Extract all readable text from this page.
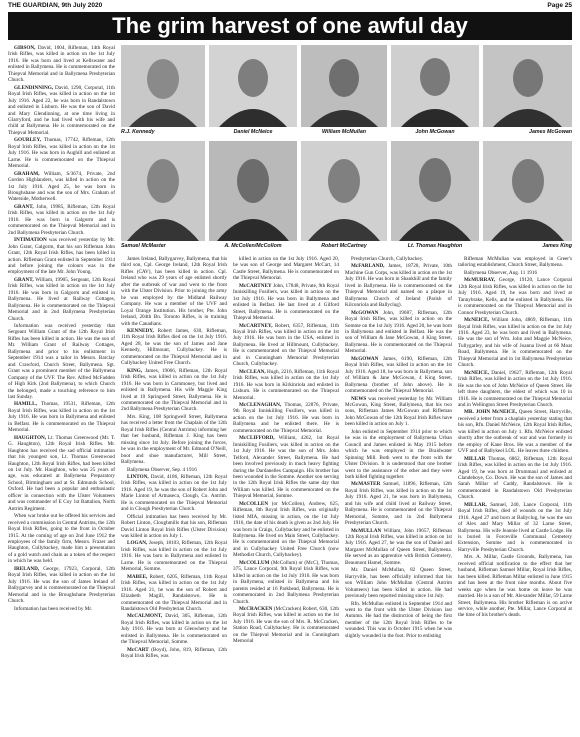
THE GUARDIAN, 9th July 2020	Page 25
The grim harvest of one awful day

GIBSON, David, 1004, Rifleman, 14th Royal Irish Rifles, was killed in action on the 1st July 1916. He was born and lived at Kellswater and enlisted in Ballymena. He is commemorated on the Thiepval Memorial and in Ballymena Presbyterian Church.

GLENDINNING, David, 1290, Corporal, 11th Royal Irish Rifles, was killed in action on the 1st July 1916. Aged 22, he was born in Randalstown and enlisted in Lisburn. He was the son of David and Mary Glendinning, at one time living in Glarryford, and he had lived with his wife and child at Ballymena. He is commemorated on the Thiepval Memorial.

GOURLEY, Thomas, 17742, Rifleman, 12th Royal Irish Rifles, was killed in action on the 1st July 1916. He was born in Aughill and enlisted at Larne. He is commemorated on the Thiepval Memorial.

GRAHAM, William, S/3674, Private, 2nd Gordon Highlanders, was killed in action on the 1st July 1916. Aged 25, he was born in Broughshane and was the son of Mrs. Graham of Waterside, Motherwell.

GRANT, John, 19985, Rifleman, 12th Royal Irish Rifles, was killed in action on the 1st July 1916. He was born in Galgorm and is commemorated on the Thiepval Memorial and in 2nd Ballymena Presbyterian Church.

INTIMATION was received yesterday by Mr. John Grant, Galgorm, that his son Rifleman John Grant, 12th Royal Irish Rifles, has been killed in action. Rifleman Grant enlisted in September 1914 and before joining the colours was in the employment of the late Mr. John Young.

GRANT, William, 19905, Sergeant, 12th Royal Irish Rifles, was killed in action on the 1st July 1916. He was born in Galgorm and enlisted in Ballymena. He lived at Railway Cottages, Ballymena. He is commemorated on the Thiepval Memorial and in 2nd Ballymena Presbyterian Church.

Information was received yesterday that Sergeant William Grant of the 12th Royal Irish Rifles has been killed in action. He was the son of Mr. William Grant of Railway Cottages, Ballymena and prior to his enlistment in September 1914 was a tailor in Messrs. Barclay and Crawford, Church Street, Ballymena. Sgt. Grant was a prominent member of the Ballymena Company of the UVF. The Rev. Alfred McFadden of High Kirk (2nd Ballymena), to which Church the belonged, made a touching reference to him last Sunday.

HAMILL, Thomas, 19531, Rifleman, 12th Royal Irish Rifles, was killed in action on the 1st July 1916. He was born in Ballymena and enlisted in Belfast. He is commemorated on the Thiepval Memorial.

HAUGHTON, Lt. Thomas Greenwood (Mr. T. G. Haughton), 12th Royal Irish Rifles. Mr. Haughton has received the sad official intimation that his youngest son, Lt. Thomas Greenwood Haughton, 12th Royal Irish Rifles, had been killed on 1st July. Mr. Haughton, who was 25 years of age, was educated at Ballymena Preparatory School, Birmingham and at St. Edmunds School, Oxford. He had been a popular and enthusiastic officer in connection with the Ulster Volunteers and was commander of E Coy 1st Battalion, North Antrim Regiment.

When war broke out he offered his services and received a commission in Central Antrims, the 12th Royal Irish Rifles, going to the front in October 1915. At the coming of age on 2nd June 1912 the employees of the family firm, Messrs. Frazer and Haughton, Cullybackey, made him a presentation of a gold watch and chain as a token of the respect in which he was held.

IRELAND, George, 17923, Corporal, 12th Royal Irish Rifles, was killed in action on the 1st July 1916. He was the son of James Ireland of Ballygarvey and is commemorated on the Thiepval Memorial and in the Broughshane Presbyterian Church.

Information has been received by Mr.

R.J. Kennedy	Daniel McNeice	William McMullan	John McGowan	James McGowan
Samuel McMaster	A. McCollen/McCollom	Robert McCartney	Lt. Thomas Haughton	James King

James Ireland, Ballygarvey, Ballymena, that his third son, Cpl. George Ireland, 12th Royal Irish Rifles (CAV), has been killed in action. Cpl. Ireland who was 29 years of age enlisted shortly after the outbreak of war and went to the front with the Ulster Division. Prior to joining the army he was employed by the Midland Railway Company. He was a member of the UVF and Loyal Orange Institution. His brother, Pte. John Ireland, 204th Bn. Toronto Rifles, is in training with the Canadians.

KENNEDY, Robert James, 630, Rifleman, 11th Royal Irish Rifles died on the 1st July 1916. Aged 28, he was the son of James and Jane Kennedy, Hillmount, Cullybackey. He is commemorated on the Thiepval Memorial and in Cullybackey United Free Church.

KING, James, 19066, Rifleman, 12th Royal Irish Rifles, was killed in action on the 1st July 1916. He was born in Carnmoney, but lived and enlisted in Ballymena. His wife Maggie King lived at 10 Springwell Street, Ballymena. He is commemorated on the Thiepval Memorial and in 2nd Ballymena Presbyterian Church.

Mrs. King, 108 Springwell Street, Ballymena has received a letter from the Chaplain of the 12th Royal Irish Rifles (Central Antrims) informing her that her husband, Rifleman J. King has been missing since 1st July. Before joining the forces, he was in the employment of Mr. Edmond O'Neill, boot and shoe manufacturer, Mill Street, Ballymena.

Ballymena Observer, Sep. 4 1916

LINTON, David, 4186, Rifleman, 12th Royal Irish Rifles, was killed in action on the 1st July 1916. Aged 19, he was the son of Robert John and Marie Linton of Artnaseca, Clough, Co. Antrim. He is commemorated on the Thiepval Memorial and in Clough Presbyterian Church.

Official intimation has been received by Mr. Robert Linton, Cloughmills that his son, Rifleman David Linton Royal Irish Rifles (Ulster Division) was killed in action on July 1.

LOGAN, Joseph, 18103, Rifleman, 12th Royal Irish Rifles, was killed in action on the 1st July 1916. He was born in Ballymena and enlisted in Larne. He is commemorated on the Thiepval Memorial, Somme.

MABEE, Robert, 6205, Rifleman, 11th Royal Irish Rifles, was killed in action on the 1st July 1916. Aged 21, he was the son of Robert and Elizabeth Magill, Randalstown. He is commemorated on the Thiepval Memorial and in Randalstown Old Presbyterian Church.

McCALMONT, David, 305, Rifleman, 12th Royal Irish Rifles, was killed in action on the 1st July 1916. He was born at Glenwherry and he enlisted in Ballymena. He is commemorated on the Thiepval Memorial, Somme.

McCART (Boyd), John, 819, Rifleman, 12th Royal Irish Rifles, was

killed in action on the 1st July 1916. Aged 20, he was son of George and Margaret McCart, 14 Castle Street, Ballymena. He is commemorated on the Thiepval Memorial.

McCARTNEY John, 17848, Private, 9th Royal Inniskilling Fusiliers, was killed in action on the 1st July 1916. He was born in Ballymena and enlisted in Belfast. He last lived at 4 Gilford Street, Ballymena. He is commemorated on the Thiepval Memorial.

McCARTNEY, Robert, 6357, Rifleman, 11th Royal Irish Rifles, was killed in action on the 1st July 1916. He was born in the USA, enlisted in Ballymena. He lived at Hillmount, Cullybackey. He is commemorated on the Thiepval Memorial and in Cunningham Memorial Presbyterian Church, Cullybackey.

McCLEAN, Hugh, 2216, Rifleman, 11th Royal Irish Rifles, was killed in action on the 1st July 1916. He was born in Kirkinriola and enlisted in Lisburn. He is commemorated on the Thiepval Memorial.

McCLENAGHAN, Thomas, 22876, Private, 9th Royal Inniskilling Fusiliers, was killed in action on the 1st July 1916. He was born in Ballymena and he enlisted there. He is commemorated on the Thiepval Memorial.

McCLIFFORD, William, 4262, 1st Royal Inniskilling Fusiliers, was killed in action on the 1st July 1916. He was the son of Mrs. John Telford, Alexander Street, Ballymena. He had been involved previously in much heavy fighting during the Dardanelles Campaign. His brother has been wounded in the Somme. Another son serving in the 12th Royal Irish Rifles the same day that William was killed. He is commemorated on the Thiepval Memorial, Somme.

McCOLLEN (or McCollen), Andrew, 625, Rifleman, 8th Royal Irish Rifles, was originally listed MIA, missing in action, on the 1st July 1916, the date of his death is given as 2nd July. He was born in Craigs, Cullybackey and he enlisted in Ballymena. He lived on Main Street, Cullybackey. He is commemorated on the Thiepval Memorial and in Cullybackey United Free Church (now Methodist Church, Cullybackey).

McCOLLUM (McCollum) or (McC), Thomas, 375, Lance Corporal, 9th Royal Irish Rifles, was killed in action on the 1st July 1916. He was born in Ballymena, enlisted in Ballymena and his parents resided at 16 Parkhead, Ballymena. He is commemorated in 2nd Ballymena Presbyterian Church.

McCRACKEN (McCracken) Robert, 630, 12th Royal Irish Rifles, was killed in action on the 1st July 1916. He was the son of Mrs. R. McCracken, Station Road, Cullybackey. He is commemorated on the Thiepval Memorial and in Cunningham Memorial

Presbyterian Church, Cullybackey.

McFARLAND, James, 18728, Private, 10th Machine Gun Corps, was killed in action on the 1st July 1916. He was born in Shankhill and the family lived in Ballymena. He is commemorated on the Thiepval Memorial and named on a plaque in Ballymena Church of Ireland (Parish of Kilconriola and Ballyclug).

McGOWAN John, 19687, Rifleman, 12th Royal Irish Rifles, was killed in action on the Somme on the 1st July 1916. Aged 20, he was born in Ballymena and enlisted in Belfast. He was the son of William & Jane McGowan, 4 King Street, Ballymena. He is commemorated on the Thiepval Memorial.

McGOWAN James, 6190, Rifleman, 12th Royal Irish Rifles, was killed in action on the 1st July 1916. Aged 18, he was born in Ballymena, son of William & Jane McGowan, 4 King Street, Ballymena (brother of John above). He is commemorated on the Thiepval Memorial.

NEWS was received yesterday by Mr. William McGowan, King Street, Ballymena, that his two sons, Rifleman James McGowan and Rifleman John McGowan of the 12th Royal Irish Rifles have been killed in action on July 1.

John enlisted in September 1914 prior to which he was in the employment of Ballymena Urban Council and James enlisted in May 1915 before which he was employed in the Braidwater Spinning Mill. Both went to the front with the Ulster Division. It is understood that one brother went to the assistance of the other and they were both killed fighting together.

McMASTER Samuel, 11896, Rifleman, 12th Royal Irish Rifles, was killed in action on the 1st July 1916. Aged 21, he was born in Ballymena, and his wife and child lived at Railway Street, Ballymena. He is commemorated on the Thiepval Memorial, Somme, and in 2nd Ballymena Presbyterian Church.

McMULLAN William, John 19657, Rifleman 12th Royal Irish Rifles, was killed in action on 1st July 1916. Aged 27, he was the son of Daniel and Margaret McMullan of Queen Street, Ballymena. He served as an apprentice with British Cemetery, Beaumont Hamel, Somme.

Mr. Daniel McMullan, 82 Queen Street, Harryville, has been officially informed that his son William John McMullan (Central Antrim Volunteers) has been killed in action. He had previously been reported missing since 1st July.

Rfn. McMullan enlisted in September 1914 and went to the front with the Ulster Division last Autumn. He had the distinction of being the first member of the 12th Royal Irish Rifles to be wounded. This was in October 1915 when he was slightly wounded in the foot. Prior to enlisting

Rifleman McMullan was employed in Greer's tailoring establishment, Church Street, Ballymena.

Ballymena Observer, Aug. 11 1916

McMURRAY, George, 19120, Lance Corporal 12th Royal Irish Rifles, was killed in action on the 1st July 1916. Aged 19, he was born and lived at Tannybrake, Kells, and he enlisted in Ballymena. He is commemorated on the Thiepval Memorial and in Connor Presbyterian Church.

McNEICE, William John, 4869, Rifleman, 11th Royal Irish Rifles, was killed in action on the 1st July 1916. Aged 23, he was born and lived in Ballymena. He was the son of Wm. John and Maggie McNeice, Tullygarley, and his wife of Joanna lived at 66 Moat Road, Ballymena. He is commemorated on the Thiepval Memorial and in 1st Ballymena Presbyterian Church.

McNEICE, Daniel, 19627, Rifleman, 12th Royal Irish Rifles, was killed in action on the 1st July 1916. He was the son of John McNeice of Queen Street. He left three daughters, the eldest of which was 10 in 1916. He is commemorated on the Thiepval Memorial and in Wellington Street Presbyterian Church.

MR. JOHN McNEICE, Queen Street, Harryville, received a letter from a chaplain yesterday stating that his son, Rfn. Daniel McNeice, 12th Royal Irish Rifles, was killed in action on July 1. Rfn. McNeice enlisted shortly after the outbreak of war and was formerly in the employ of Kane Bros. He was a member of the UVF and of Ballykeel LOL. He leaves three children.

MILLAR Thomas, 6862, Rifleman, 12th Royal Irish Rifles, was killed in action on the 1st July 1916. Aged 19, he was born at Drummaul and enlisted at Clandeboye, Co. Down. He was the son of James and Sarah Millar of Caddy, Randalstown. He is commemorated in Randalstown Old Presbyterian Church.

MILLAR, Samuel, 240, Lance Corporal, 11th Royal Irish Rifles, died of wounds on the 1st July 1916. Aged 27 and born at Ballyclug, he was the son of Alex and Mary Millar of 32 Larne Street, Ballymena. His wife Jeannie lived at Castle Lodge. He is buried in Forceville Communal Cemetery Extension, Somme and is commemorated in Harryville Presbyterian Church.

Mrs. A. Millar, Castle Grounds, Ballymena, has received official notification to the effect that her husband, Rifleman Samuel Millar, Royal Irish Rifles, has been killed. Rifleman Millar enlisted in June 1915 and has been at the front nine months. About five weeks ago when he was home on leave he was married. He is a son of Mr. Alexander Millar, 59 Larne Street, Ballymena. His brother Rifleman is on active service, while another, Pte. Millar, Lance Corporal at the time of his brother's death.
